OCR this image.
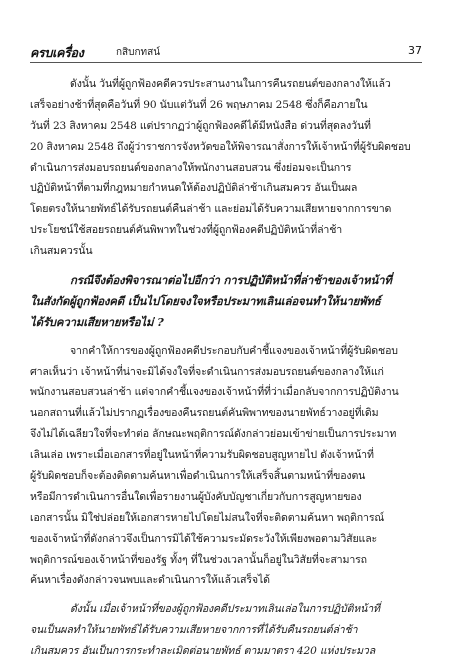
ครบเครื่อง	กสิบกทสน์	37
ดังนั้น วันที่ผู้ถูกฟ้องคดีควรประสานงานในการคืนรถยนต์ของกลางให้แล้ว
เสร็จอย่างช้าที่สุดคือวันที่ 90 นับแต่วันที่ 26 พฤษภาคม 2548 ซึ่งก็คือภายใน
วันที่ 23 สิงหาคม 2548 แต่ปรากฏว่าผู้ถูกฟ้องคดีได้มีหนังสือ ด่วนที่สุดลงวันที่
20 สิงหาคม 2548 ถึงผู้ว่าราชการจังหวัดขอให้พิจารณาสั่งการให้เจ้าหน้าที่ผู้รับผิดชอบ
ดำเนินการส่งมอบรถยนต์ของกลางให้พนักงานสอบสวน ซึ่งย่อมจะเป็นการ
ปฏิบัติหน้าที่ตามที่กฎหมายกำหนดให้ต้องปฏิบัติล่าช้าเกินสมควร อันเป็นผล
โดยตรงให้นายพัทธ์ได้รับรถยนต์คืนล่าช้า และย่อมได้รับความเสียหายจากการขาด
ประโยชน์ใช้สอยรถยนต์คันพิพาทในช่วงที่ผู้ถูกฟ้องคดีปฏิบัติหน้าที่ล่าช้า
เกินสมควรนั้น
กรณีจึงต้องพิจารณาต่อไปอีกว่า การปฏิบัติหน้าที่ล่าช้าของเจ้าหน้าที่
ในสังกัดผู้ถูกฟ้องคดี เป็นไปโดยจงใจหรือประมาทเลินเล่อจนทำให้นายพัทธ์
ได้รับความเสียหายหรือไม่ ?
จากคำให้การของผู้ถูกฟ้องคดีประกอบกับคำชี้แจงของเจ้าหน้าที่ผู้รับผิดชอบ
ศาลเห็นว่า เจ้าหน้าที่น่าจะมิได้จงใจที่จะดำเนินการส่งมอบรถยนต์ของกลางให้แก่
พนักงานสอบสวนล่าช้า แต่จากคำชี้แจงของเจ้าหน้าที่ที่ว่าเมื่อกลับจากการปฏิบัติงาน
นอกสถานที่แล้วไม่ปรากฏเรื่องของคืนรถยนต์คันพิพาทของนายพัทธ์วางอยู่ที่เดิม
จึงไม่ได้เฉลียวใจที่จะทำต่อ ลักษณะพฤติการณ์ดังกล่าวย่อมเข้าข่ายเป็นการประมาท
เลินเล่อ เพราะเมื่อเอกสารที่อยู่ในหน้าที่ความรับผิดชอบสูญหายไป ดังเจ้าหน้าที่
ผู้รับผิดชอบก็จะต้องติดตามค้นหาเพื่อดำเนินการให้เสร็จสิ้นตามหน้าที่ของตน
หรือมีการดำเนินการอื่นใดเพื่อรายงานผู้บังคับบัญชาเกี่ยวกับการสูญหายของ
เอกสารนั้น มิใช่ปล่อยให้เอกสารหายไปโดยไม่สนใจที่จะติดตามค้นหา พฤติการณ์
ของเจ้าหน้าที่ดังกล่าวจึงเป็นการมิได้ใช้ความระมัดระวังให้เพียงพอตามวิสัยและ
พฤติการณ์ของเจ้าหน้าที่ของรัฐ ทั้งๆ ที่ในช่วงเวลานั้นก็อยู่ในวิสัยที่จะสามารถ
ค้นหาเรื่องดังกล่าวจนพบและดำเนินการให้แล้วเสร็จได้
ดังนั้น เมื่อเจ้าหน้าที่ของผู้ถูกฟ้องคดีประมาทเลินเล่อในการปฏิบัติหน้าที่
จนเป็นผลทำให้นายพัทธ์ได้รับความเสียหายจากการที่ได้รับคืนรถยนต์ล่าช้า
เกินสมควร อันเป็นการกระทำละเมิดต่อนายพัทธ์ ตามมาตรา 420 แห่งประมวล
